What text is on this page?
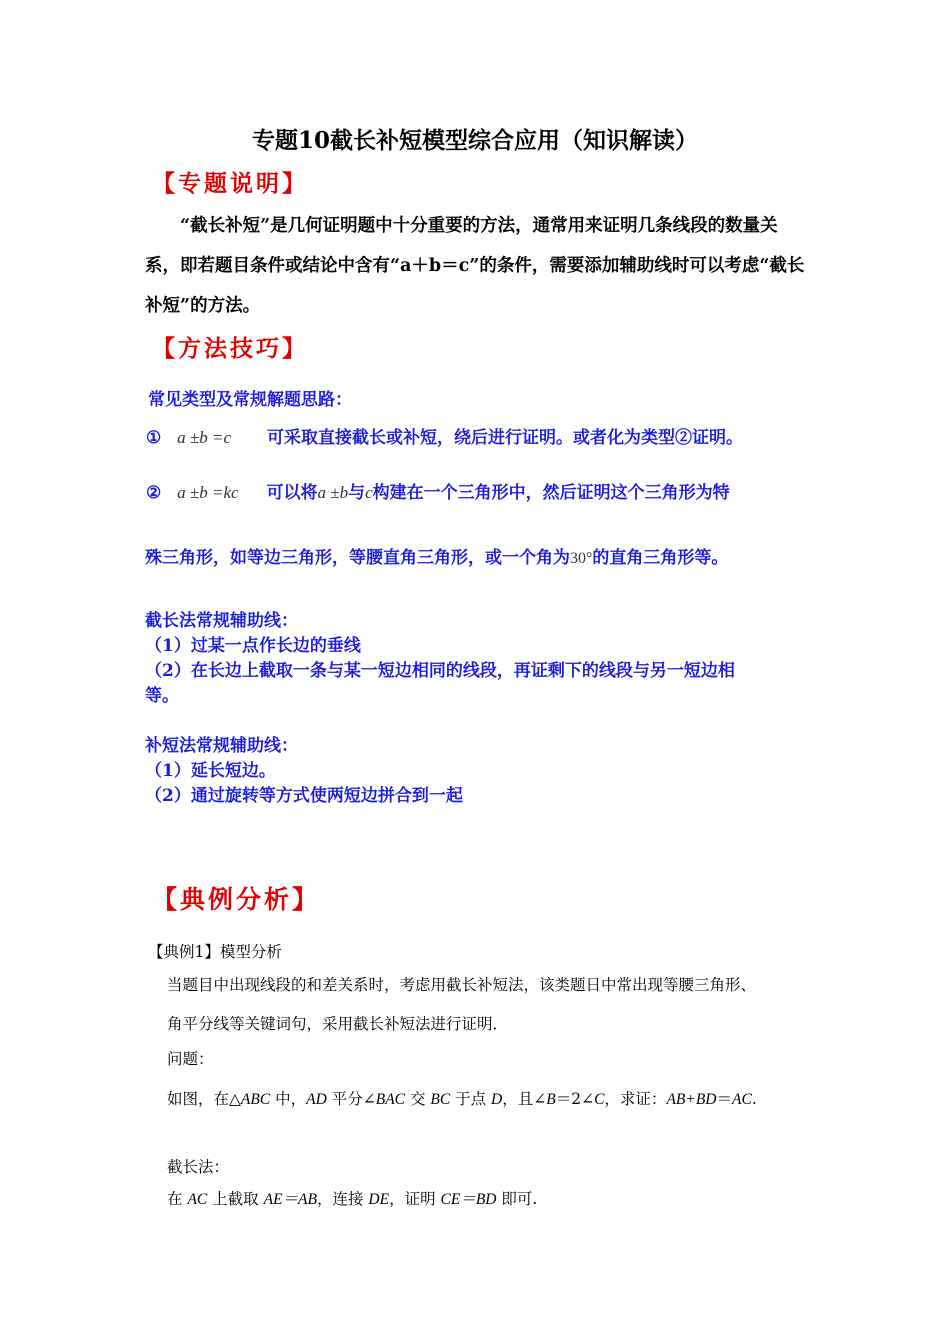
专题10截长补短模型综合应用（知识解读）
【专题说明】
“截长补短”是几何证明题中十分重要的方法，通常用来证明几条线段的数量关系，即若题目条件或结论中含有“a＋b＝c”的条件，需要添加辅助线时可以考虑“截长补短”的方法。
【方法技巧】
常见类型及常规解题思路：
① a ±b =c 可采取直接截长或补短，绕后进行证明。或者化为类型②证明。
② a ±b =kc 可以将a ±b与c构建在一个三角形中，然后证明这个三角形为特
殊三角形，如等边三角形，等腰直角三角形，或一个角为30°的直角三角形等。
截长法常规辅助线：
（1）过某一点作长边的垂线
（2）在长边上截取一条与某一短边相同的线段，再证剩下的线段与另一短边相
等。
补短法常规辅助线：
（1）延长短边。
（2）通过旋转等方式使两短边拼合到一起
【典例分析】
【典例1】模型分析
当题目中出现线段的和差关系时，考虑用截长补短法，该类题日中常出现等腰三角形、
角平分线等关键词句，采用截长补短法进行证明．
问题：
如图，在△ABC 中，AD 平分∠BAC 交 BC 于点 D，且∠B＝2∠C，求证：AB+BD＝AC.
截长法：
在 AC 上截取 AE＝AB，连接 DE，证明 CE＝BD 即可.
